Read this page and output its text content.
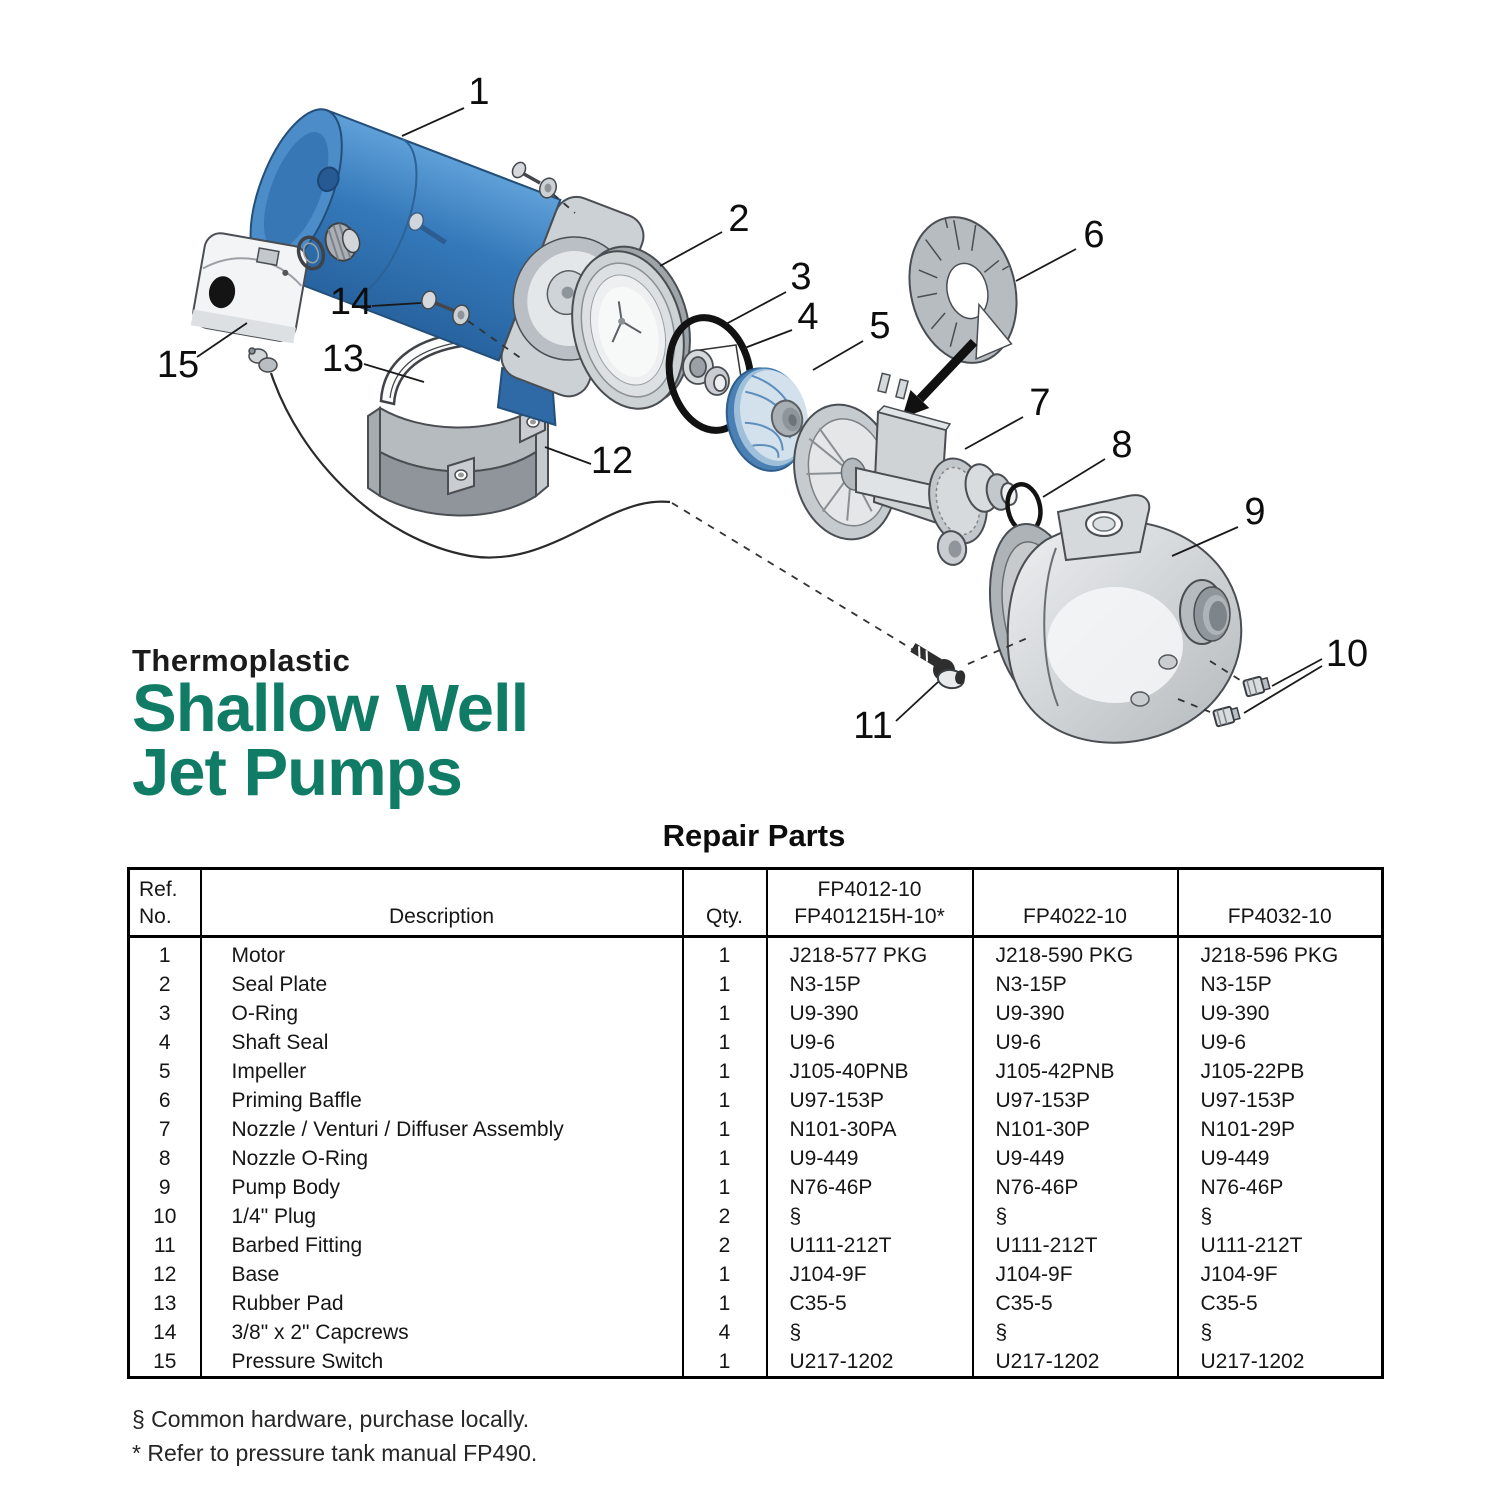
1
2
3
4 5
6
7
8
9
10
11
12
13
14
15
Thermoplastic
Shallow Well
Jet Pumps
Repair Parts
Ref.
No.	Description	Qty.	
FP4012-10
FP401215H-10*	FP4022-10	FP4032-10
1	Motor	1	J218-577 PKG	J218-590 PKG	J218-596 PKG
2	Seal Plate	1	N3-15P	N3-15P	N3-15P
3	O-Ring	1	U9-390	U9-390	U9-390
4	Shaft Seal	1	U9-6	U9-6	U9-6
5	Impeller	1	J105-40PNB	J105-42PNB	J105-22PB
6	Priming Baffle	1	U97-153P	U97-153P	U97-153P
7	Nozzle / Venturi / Diffuser Assembly	1	N101-30PA	N101-30P	N101-29P
8	Nozzle O-Ring	1	U9-449	U9-449	U9-449
9	Pump Body	1	N76-46P	N76-46P	N76-46P
10	1/4" Plug	2	§	§	§
11	Barbed Fitting	2	U111-212T	U111-212T	U111-212T
12	Base	1	J104-9F	J104-9F	J104-9F
13	Rubber Pad	1	C35-5	C35-5	C35-5
14	3/8" x 2" Capcrews	4	§	§	§
15	Pressure Switch	1	U217-1202	U217-1202	U217-1202
§ Common hardware, purchase locally.
* Refer to pressure tank manual FP490.
